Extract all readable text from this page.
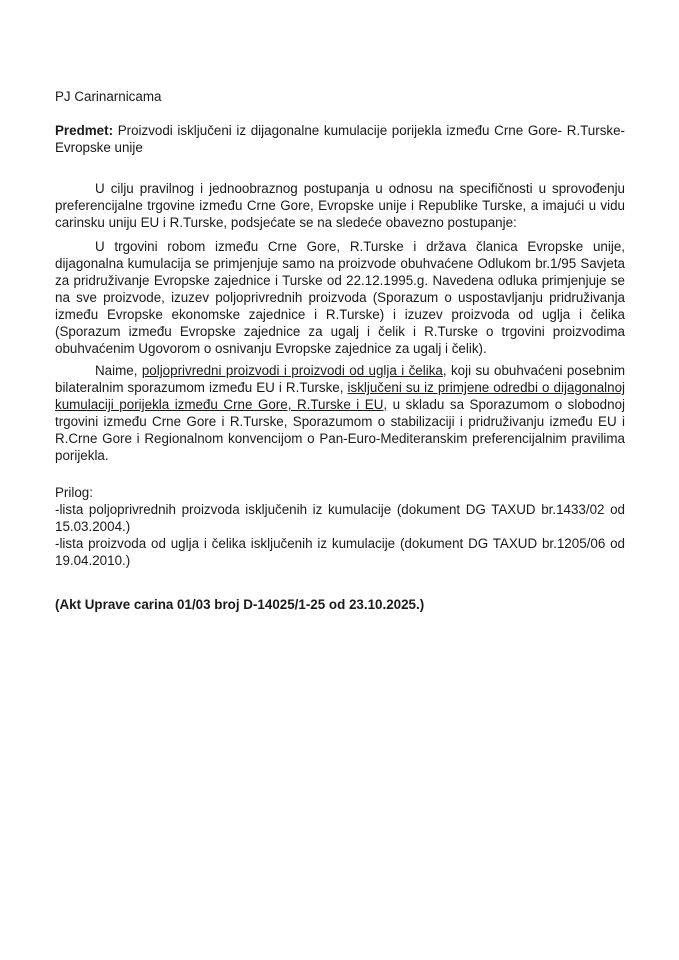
PJ Carinarnicama

Predmet: Proizvodi isključeni iz dijagonalne kumulacije porijekla između Crne Gore- R.Turske-Evropske unije

U cilju pravilnog i jednoobraznog postupanja u odnosu na specifičnosti u sprovođenju preferencijalne trgovine između Crne Gore, Evropske unije i Republike Turske, a imajući u vidu carinsku uniju EU i R.Turske, podsjećate se na sledeće obavezno postupanje:

U trgovini robom između Crne Gore, R.Turske i država članica Evropske unije, dijagonalna kumulacija se primjenjuje samo na proizvode obuhvaćene Odlukom br.1/95 Savjeta za pridruživanje Evropske zajednice i Turske od 22.12.1995.g. Navedena odluka primjenjuje se na sve proizvode, izuzev poljoprivrednih proizvoda (Sporazum o uspostavljanju pridruživanja između Evropske ekonomske zajednice i R.Turske) i izuzev proizvoda od uglja i čelika (Sporazum između Evropske zajednice za ugalj i čelik i R.Turske o trgovini proizvodima obuhvaćenim Ugovorom o osnivanju Evropske zajednice za ugalj i čelik).

Naime, poljoprivredni proizvodi i proizvodi od uglja i čelika, koji su obuhvaćeni posebnim bilateralnim sporazumom između EU i R.Turske, isključeni su iz primjene odredbi o dijagonalnoj kumulaciji porijekla između Crne Gore, R.Turske i EU, u skladu sa Sporazumom o slobodnoj trgovini između Crne Gore i R.Turske, Sporazumom o stabilizaciji i pridruživanju između EU i R.Crne Gore i Regionalnom konvencijom o Pan-Euro-Mediteranskim preferencijalnim pravilima porijekla.

Prilog:
-lista poljoprivrednih proizvoda isključenih iz kumulacije (dokument DG TAXUD br.1433/02 od 15.03.2004.)
-lista proizvoda od uglja i čelika isključenih iz kumulacije (dokument DG TAXUD br.1205/06 od 19.04.2010.)

(Akt Uprave carina 01/03 broj D-14025/1-25 od 23.10.2025.)
